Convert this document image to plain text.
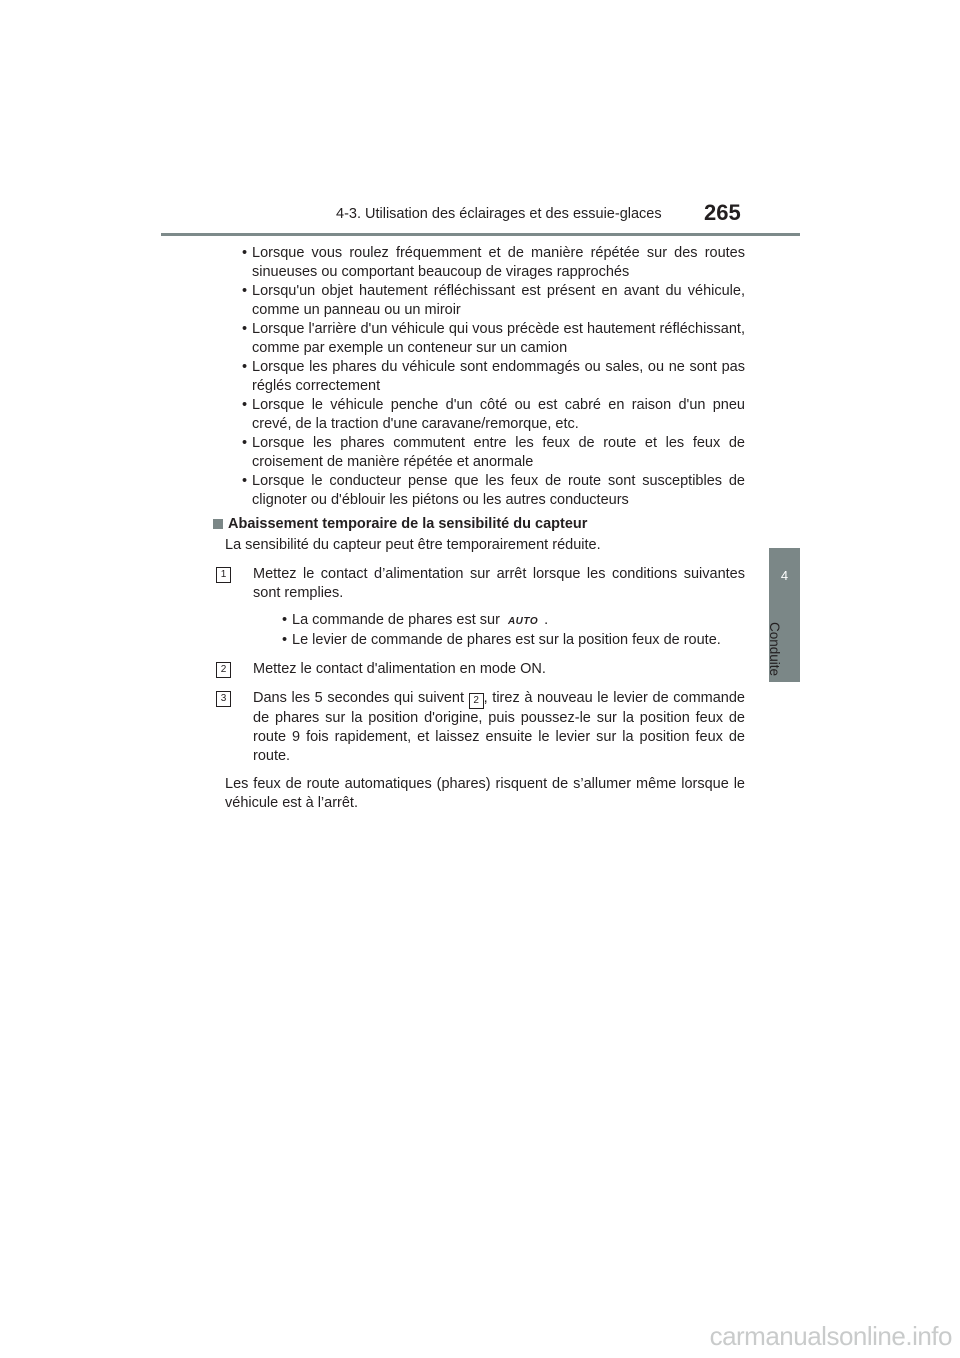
4-3. Utilisation des éclairages et des essuie-glaces 265
4
Conduite
• Lorsque vous roulez fréquemment et de manière répétée sur des routes sinueuses ou comportant beaucoup de virages rapprochés
• Lorsqu'un objet hautement réfléchissant est présent en avant du véhicule, comme un panneau ou un miroir
• Lorsque l'arrière d'un véhicule qui vous précède est hautement réfléchissant, comme par exemple un conteneur sur un camion
• Lorsque les phares du véhicule sont endommagés ou sales, ou ne sont pas réglés correctement
• Lorsque le véhicule penche d'un côté ou est cabré en raison d'un pneu crevé, de la traction d'une caravane/remorque, etc.
• Lorsque les phares commutent entre les feux de route et les feux de croisement de manière répétée et anormale
• Lorsque le conducteur pense que les feux de route sont susceptibles de clignoter ou d'éblouir les piétons ou les autres conducteurs
Abaissement temporaire de la sensibilité du capteur
La sensibilité du capteur peut être temporairement réduite.
1	Mettez le contact d’alimentation sur arrêt lorsque les conditions suivantes sont remplies.
• La commande de phares est sur AUTO .
• Le levier de commande de phares est sur la position feux de route.
2	Mettez le contact d'alimentation en mode ON.
3	Dans les 5 secondes qui suivent 2 , tirez à nouveau le levier de commande de phares sur la position d'origine, puis poussez-le sur la position feux de route 9 fois rapidement, et laissez ensuite le levier sur la position feux de route.
Les feux de route automatiques (phares) risquent de s’allumer même lorsque le véhicule est à l’arrêt.
carmanualsonline.info
